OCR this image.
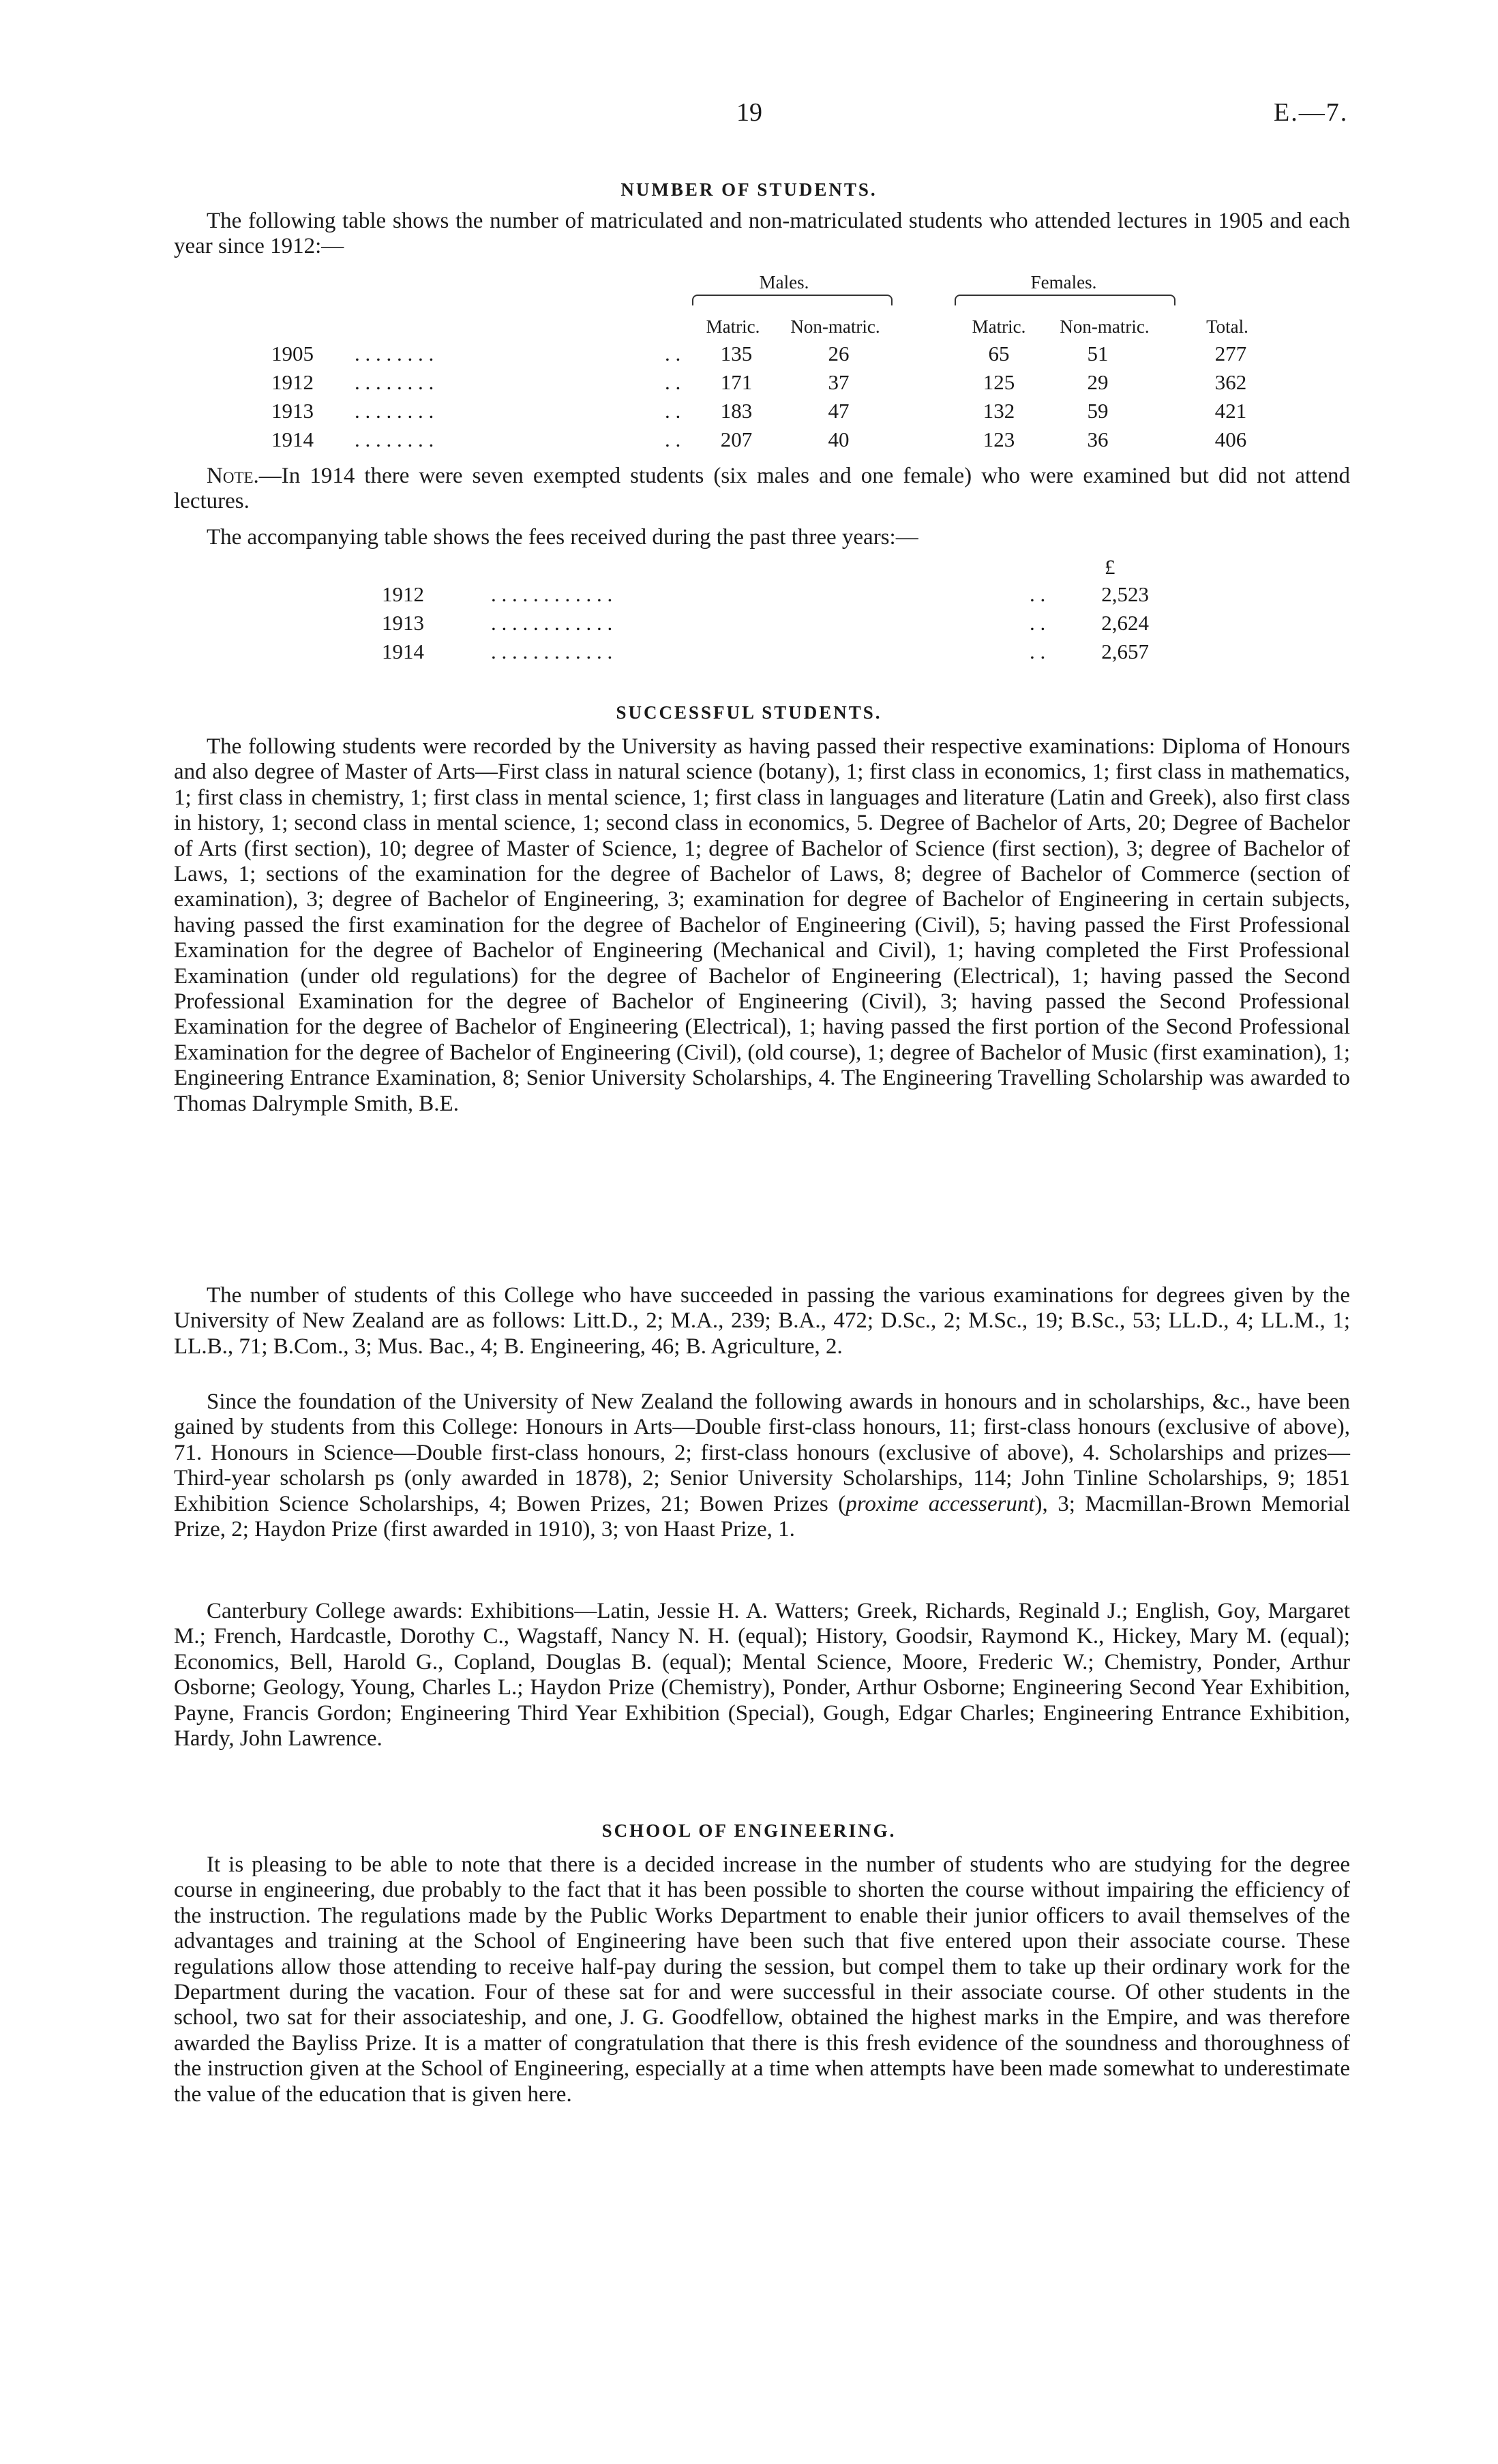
19	E.—7.
NUMBER OF STUDENTS.

The following table shows the number of matriculated and non-matriculated students who attended lectures in 1905 and each year since 1912:—

Males.	Females.
Matric.	Non-matric.	Matric.	Non-matric.	Total.
1905 . . . . . . . .	. .	135	26	65	51	277
1912 . . . . . . . .	. .	171	37	125	29	362
1913 . . . . . . . .	. .	183	47	132	59	421
1914 . . . . . . . .	. .	207	40	123	36	406

Note.—In 1914 there were seven exempted students (six males and one female) who were examined but did not attend lectures.

The accompanying table shows the fees received during the past three years:—

£
1912	. . . . . . . . . . . .	. .	2,523
1913	. . . . . . . . . . . .	. .	2,624
1914	. . . . . . . . . . . .	. .	2,657
SUCCESSFUL STUDENTS.

The following students were recorded by the University as having passed their respective examinations: Diploma of Honours and also degree of Master of Arts—First class in natural science (botany), 1; first class in economics, 1; first class in mathematics, 1; first class in chemistry, 1; first class in mental science, 1; first class in languages and literature (Latin and Greek), also first class in history, 1; second class in mental science, 1; second class in economics, 5. Degree of Bachelor of Arts, 20; Degree of Bachelor of Arts (first section), 10; degree of Master of Science, 1; degree of Bachelor of Science (first section), 3; degree of Bachelor of Laws, 1; sections of the examination for the degree of Bachelor of Laws, 8; degree of Bachelor of Commerce (section of examination), 3; degree of Bachelor of Engineering, 3; examination for degree of Bachelor of Engineering in certain subjects, having passed the first examination for the degree of Bachelor of Engineering (Civil), 5; having passed the First Professional Examination for the degree of Bachelor of Engineering (Mechanical and Civil), 1; having completed the First Professional Examination (under old regulations) for the degree of Bachelor of Engineering (Electrical), 1; having passed the Second Professional Examination for the degree of Bachelor of Engineering (Civil), 3; having passed the Second Professional Examination for the degree of Bachelor of Engineering (Electrical), 1; having passed the first portion of the Second Professional Examination for the degree of Bachelor of Engineering (Civil), (old course), 1; degree of Bachelor of Music (first examination), 1; Engineering Entrance Examination, 8; Senior University Scholarships, 4. The Engineering Travelling Scholarship was awarded to Thomas Dalrymple Smith, B.E.

The number of students of this College who have succeeded in passing the various examinations for degrees given by the University of New Zealand are as follows: Litt.D., 2; M.A., 239; B.A., 472; D.Sc., 2; M.Sc., 19; B.Sc., 53; LL.D., 4; LL.M., 1; LL.B., 71; B.Com., 3; Mus. Bac., 4; B. Engineering, 46; B. Agriculture, 2.

Since the foundation of the University of New Zealand the following awards in honours and in scholarships, &c., have been gained by students from this College: Honours in Arts—Double first-class honours, 11; first-class honours (exclusive of above), 71. Honours in Science—Double first-class honours, 2; first-class honours (exclusive of above), 4. Scholarships and prizes—Third-year scholarsh ps (only awarded in 1878), 2; Senior University Scholarships, 114; John Tinline Scholarships, 9; 1851 Exhibition Science Scholarships, 4; Bowen Prizes, 21; Bowen Prizes (proxime accesserunt), 3; Macmillan-Brown Memorial Prize, 2; Haydon Prize (first awarded in 1910), 3; von Haast Prize, 1.

Canterbury College awards: Exhibitions—Latin, Jessie H. A. Watters; Greek, Richards, Reginald J.; English, Goy, Margaret M.; French, Hardcastle, Dorothy C., Wagstaff, Nancy N. H. (equal); History, Goodsir, Raymond K., Hickey, Mary M. (equal); Economics, Bell, Harold G., Copland, Douglas B. (equal); Mental Science, Moore, Frederic W.; Chemistry, Ponder, Arthur Osborne; Geology, Young, Charles L.; Haydon Prize (Chemistry), Ponder, Arthur Osborne; Engineering Second Year Exhibition, Payne, Francis Gordon; Engineering Third Year Exhibition (Special), Gough, Edgar Charles; Engineering Entrance Exhibition, Hardy, John Lawrence.

SCHOOL OF ENGINEERING.

It is pleasing to be able to note that there is a decided increase in the number of students who are studying for the degree course in engineering, due probably to the fact that it has been possible to shorten the course without impairing the efficiency of the instruction. The regulations made by the Public Works Department to enable their junior officers to avail themselves of the advantages and training at the School of Engineering have been such that five entered upon their associate course. These regulations allow those attending to receive half-pay during the session, but compel them to take up their ordinary work for the Department during the vacation. Four of these sat for and were successful in their associate course. Of other students in the school, two sat for their associateship, and one, J. G. Goodfellow, obtained the highest marks in the Empire, and was therefore awarded the Bayliss Prize. It is a matter of congratulation that there is this fresh evidence of the soundness and thoroughness of the instruction given at the School of Engineering, especially at a time when attempts have been made somewhat to underestimate the value of the education that is given here.
